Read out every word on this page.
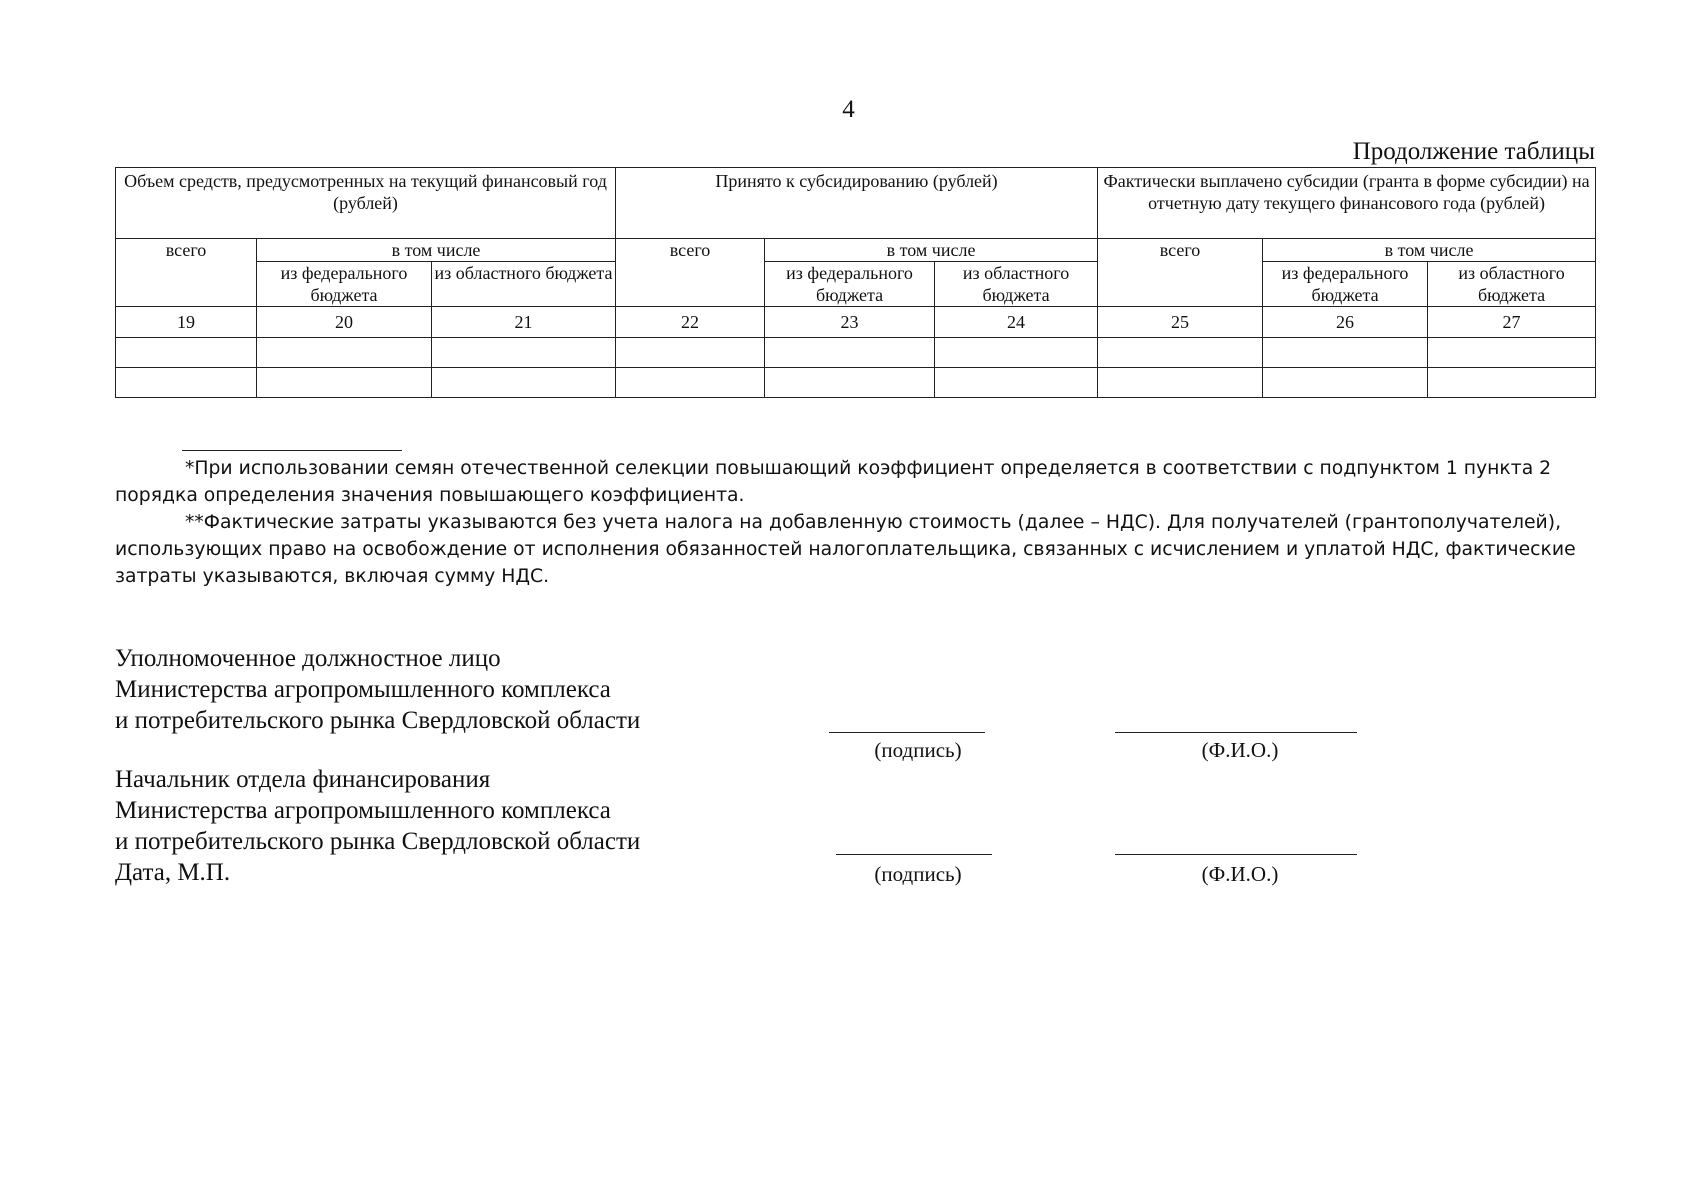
4
Продолжение таблицы
Объем средств, предусмотренных на текущий финансовый год (рублей)			Принято к субсидированию (рублей)			Фактически выплачено субсидии (гранта в форме субсидии) на отчетную дату текущего финансового года (рублей)		
всего	в том числе		всего	в том числе		всего	в том числе	
	из федерального бюджета	из областного бюджета		из федерального бюджета	из областного бюджета		из федерального бюджета	из областного бюджета
19	20	21	22	23	24	25	26	27

*При использовании семян отечественной селекции повышающий коэффициент определяется в соответствии с подпунктом 1 пункта 2 порядка определения значения повышающего коэффициента.

**Фактические затраты указываются без учета налога на добавленную стоимость (далее – НДС). Для получателей (грантополучателей), использующих право на освобождение от исполнения обязанностей налогоплательщика, связанных с исчислением и уплатой НДС, фактические затраты указываются, включая сумму НДС.

Уполномоченное должностное лицо
Министерства агропромышленного комплекса
и потребительского рынка Свердловской области
(подпись)	(Ф.И.О.)
Начальник отдела финансирования
Министерства агропромышленного комплекса
и потребительского рынка Свердловской области
Дата, М.П.	(подпись)	(Ф.И.О.)
